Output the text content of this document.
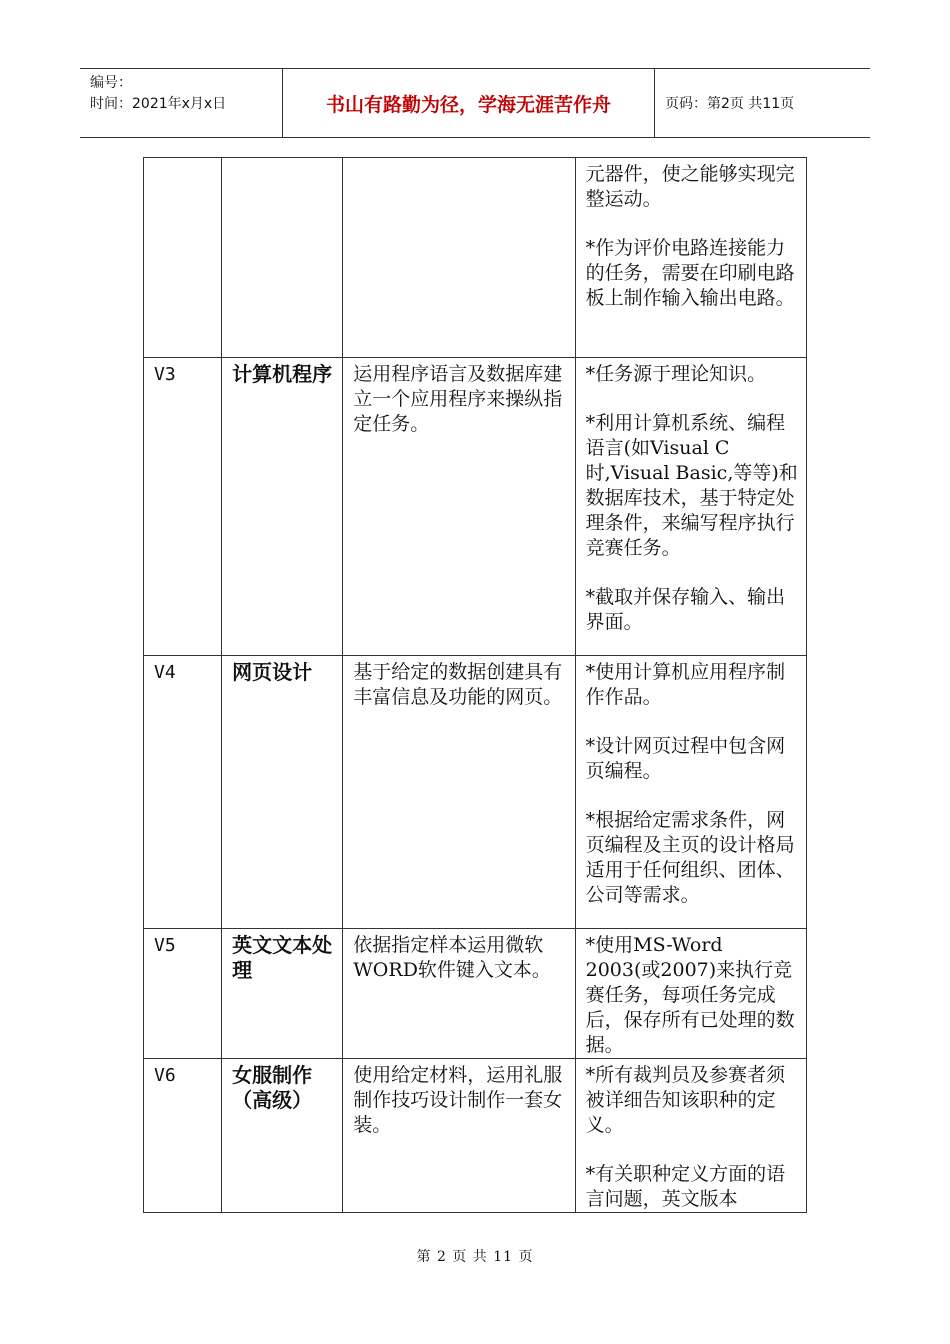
编号：
时间：2021年x月x日	书山有路勤为径，学海无涯苦作舟	页码：第2页 共11页

			元器件，使之能够实现完整运动。

*作为评价电路连接能力的任务，需要在印刷电路板上制作输入输出电路。

V3	计算机程序	运用程序语言及数据库建立一个应用程序来操纵指定任务。	*任务源于理论知识。

*利用计算机系统、编程语言(如Visual C 时,Visual Basic,等等)和数据库技术，基于特定处理条件，来编写程序执行竞赛任务。

*截取并保存输入、输出界面。

V4	网页设计	基于给定的数据创建具有丰富信息及功能的网页。	*使用计算机应用程序制作作品。

*设计网页过程中包含网页编程。

*根据给定需求条件，网页编程及主页的设计格局适用于任何组织、团体、公司等需求。

V5	英文文本处理	依据指定样本运用微软WORD软件键入文本。	*使用MS-Word 2003(或2007)来执行竞赛任务，每项任务完成后，保存所有已处理的数据。

V6	女服制作（高级）	使用给定材料，运用礼服制作技巧设计制作一套女装。	*所有裁判员及参赛者须被详细告知该职种的定义。

*有关职种定义方面的语言问题，英文版本

第 2 页 共 11 页
